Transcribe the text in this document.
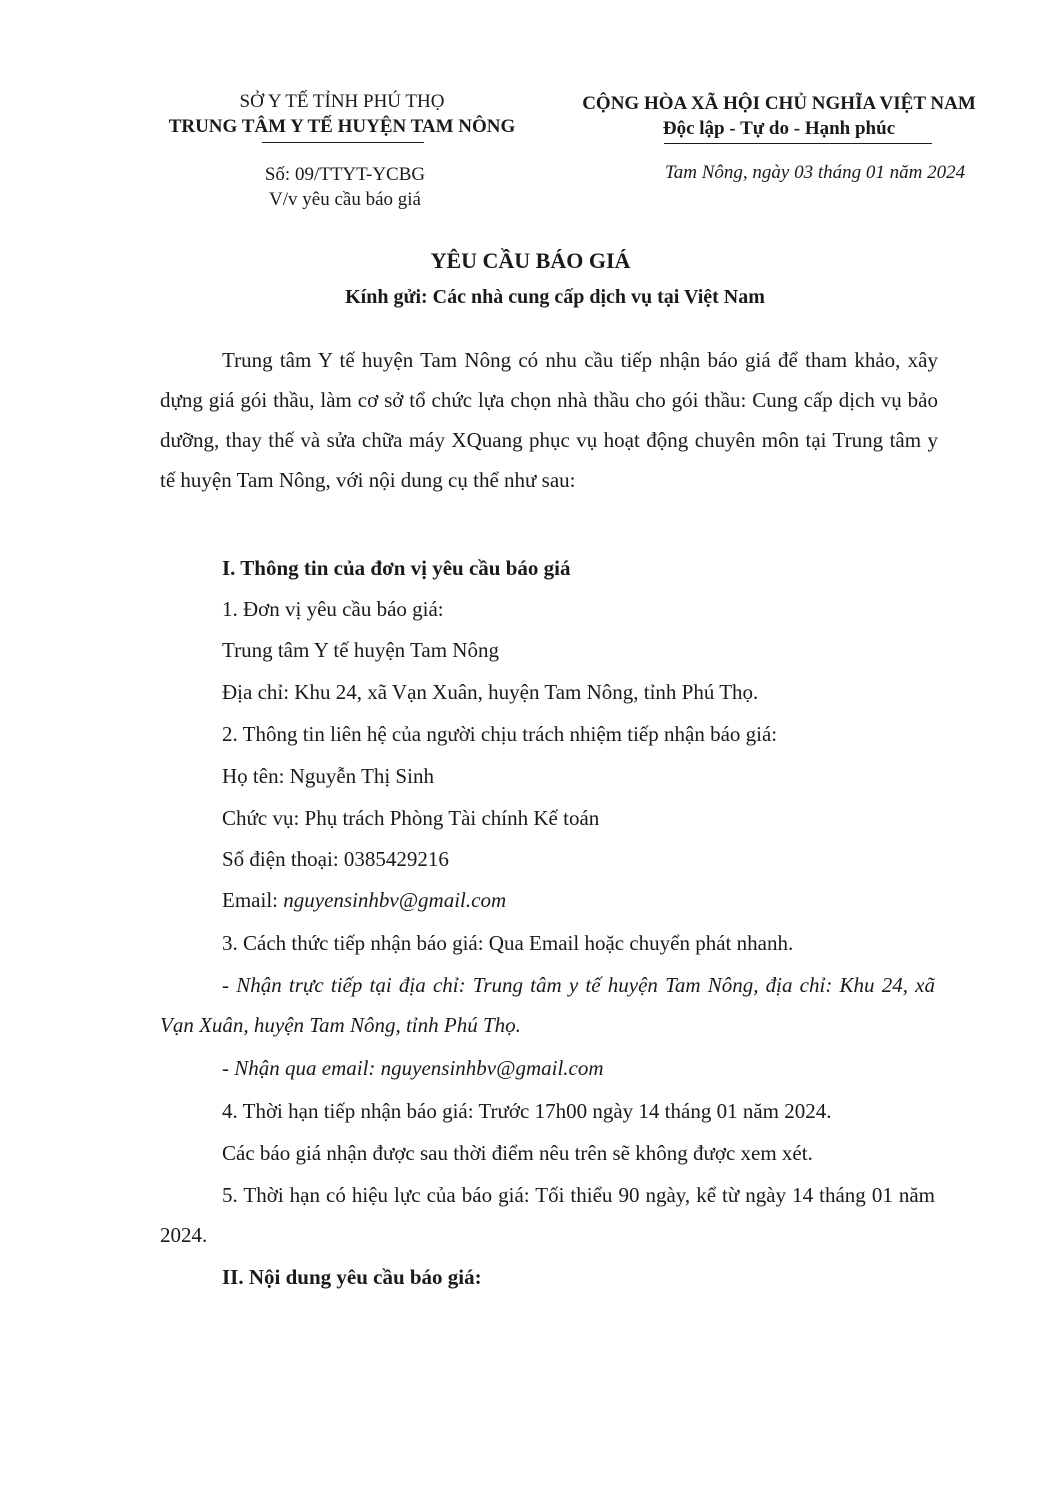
SỞ Y TẾ TỈNH PHÚ THỌ
TRUNG TÂM Y TẾ HUYỆN TAM NÔNG
CỘNG HÒA XÃ HỘI CHỦ NGHĨA VIỆT NAM
Độc lập - Tự do - Hạnh phúc
Số: 09/TTYT-YCBG
V/v yêu cầu báo giá
Tam Nông, ngày 03 tháng 01 năm 2024
YÊU CẦU BÁO GIÁ
Kính gửi: Các nhà cung cấp dịch vụ tại Việt Nam
Trung tâm Y tế huyện Tam Nông có nhu cầu tiếp nhận báo giá để tham khảo, xây dựng giá gói thầu, làm cơ sở tổ chức lựa chọn nhà thầu cho gói thầu: Cung cấp dịch vụ bảo dưỡng, thay thế và sửa chữa máy XQuang phục vụ hoạt động chuyên môn tại Trung tâm y tế huyện Tam Nông, với nội dung cụ thể như sau:
I. Thông tin của đơn vị yêu cầu báo giá
1. Đơn vị yêu cầu báo giá:
Trung tâm Y tế huyện Tam Nông
Địa chỉ: Khu 24, xã Vạn Xuân, huyện Tam Nông, tỉnh Phú Thọ.
2. Thông tin liên hệ của người chịu trách nhiệm tiếp nhận báo giá:
Họ tên: Nguyễn Thị Sinh
Chức vụ: Phụ trách Phòng Tài chính Kế toán
Số điện thoại: 0385429216
Email: nguyensinhbv@gmail.com
3. Cách thức tiếp nhận báo giá: Qua Email hoặc chuyển phát nhanh.
- Nhận trực tiếp tại địa chỉ: Trung tâm y tế huyện Tam Nông, địa chỉ: Khu 24, xã Vạn Xuân, huyện Tam Nông, tỉnh Phú Thọ.
- Nhận qua email: nguyensinhbv@gmail.com
4. Thời hạn tiếp nhận báo giá: Trước 17h00 ngày 14 tháng 01 năm 2024.
Các báo giá nhận được sau thời điểm nêu trên sẽ không được xem xét.
5. Thời hạn có hiệu lực của báo giá: Tối thiểu 90 ngày, kể từ ngày 14 tháng 01 năm 2024.
II. Nội dung yêu cầu báo giá:
